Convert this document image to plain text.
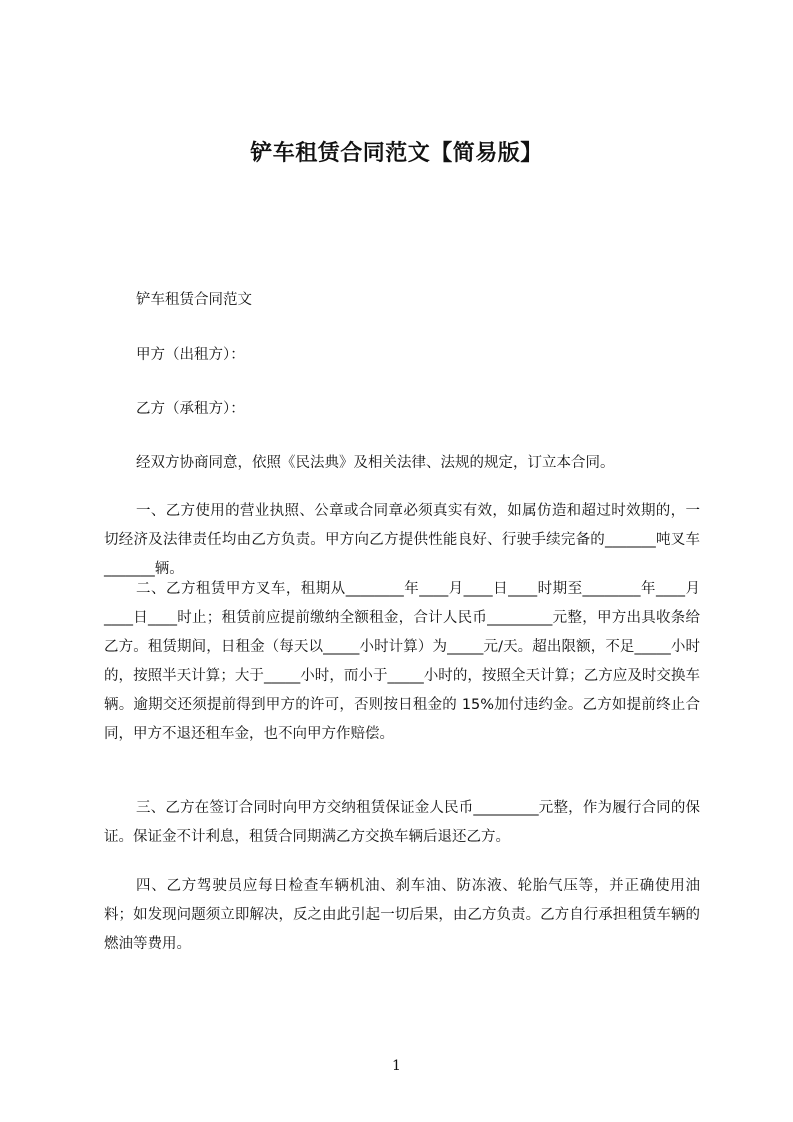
铲车租赁合同范文【简易版】
铲车租赁合同范文
甲方（出租方）：
乙方（承租方）：
经双方协商同意，依照《民法典》及相关法律、法规的规定，订立本合同。

一、乙方使用的营业执照、公章或合同章必须真实有效，如属仿造和超过时效期的，一切经济及法律责任均由乙方负责。甲方向乙方提供性能良好、行驶手续完备的_______吨叉车_______辆。

二、乙方租赁甲方叉车，租期从________年____月____日____时期至________年____月____日____时止；租赁前应提前缴纳全额租金，合计人民币_________元整，甲方出具收条给乙方。租赁期间，日租金（每天以_____小时计算）为_____元/天。超出限额，不足_____小时的，按照半天计算；大于_____小时，而小于_____小时的，按照全天计算；乙方应及时交换车辆。逾期交还须提前得到甲方的许可，否则按日租金的 15%加付违约金。乙方如提前终止合同，甲方不退还租车金，也不向甲方作赔偿。

三、乙方在签订合同时向甲方交纳租赁保证金人民币_________元整，作为履行合同的保证。保证金不计利息，租赁合同期满乙方交换车辆后退还乙方。

四、乙方驾驶员应每日检查车辆机油、刹车油、防冻液、轮胎气压等，并正确使用油料；如发现问题须立即解决，反之由此引起一切后果，由乙方负责。乙方自行承担租赁车辆的燃油等费用。

1
